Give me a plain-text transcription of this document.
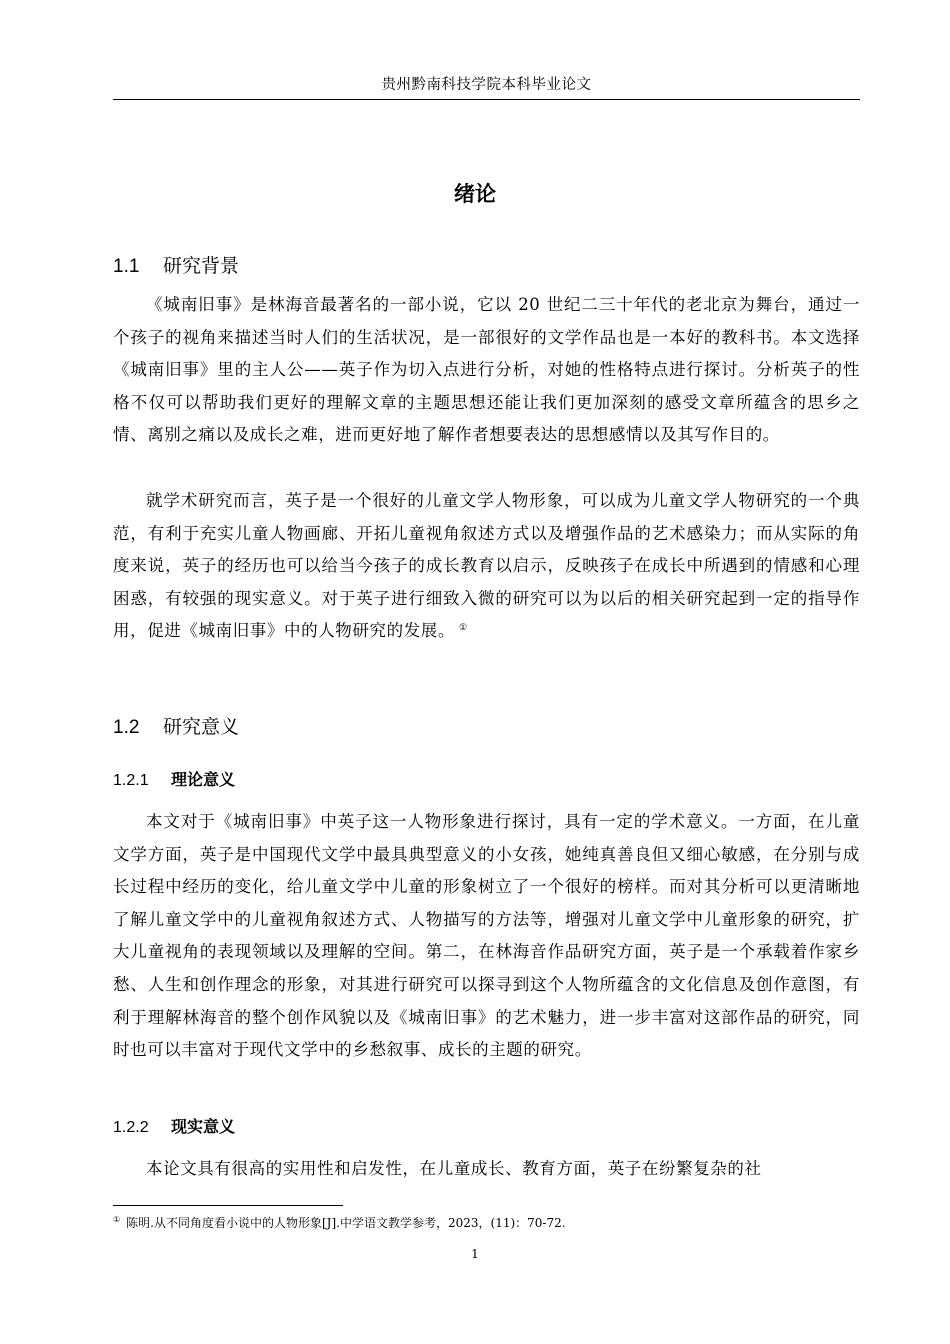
贵州黔南科技学院本科毕业论文
绪论
1.1 研究背景

《城南旧事》是林海音最著名的一部小说，它以 20 世纪二三十年代的老北京为舞台，通过一个孩子的视角来描述当时人们的生活状况，是一部很好的文学作品也是一本好的教科书。本文选择《城南旧事》里的主人公——英子作为切入点进行分析，对她的性格特点进行探讨。分析英子的性格不仅可以帮助我们更好的理解文章的主题思想还能让我们更加深刻的感受文章所蕴含的思乡之情、离别之痛以及成长之难，进而更好地了解作者想要表达的思想感情以及其写作目的。

就学术研究而言，英子是一个很好的儿童文学人物形象，可以成为儿童文学人物研究的一个典范，有利于充实儿童人物画廊、开拓儿童视角叙述方式以及增强作品的艺术感染力；而从实际的角度来说，英子的经历也可以给当今孩子的成长教育以启示，反映孩子在成长中所遇到的情感和心理困惑，有较强的现实意义。对于英子进行细致入微的研究可以为以后的相关研究起到一定的指导作用，促进《城南旧事》中的人物研究的发展。 ①

1.2 研究意义
1.2.1 理论意义

本文对于《城南旧事》中英子这一人物形象进行探讨，具有一定的学术意义。一方面，在儿童文学方面，英子是中国现代文学中最具典型意义的小女孩，她纯真善良但又细心敏感，在分别与成长过程中经历的变化，给儿童文学中儿童的形象树立了一个很好的榜样。而对其分析可以更清晰地了解儿童文学中的儿童视角叙述方式、人物描写的方法等，增强对儿童文学中儿童形象的研究，扩大儿童视角的表现领域以及理解的空间。第二，在林海音作品研究方面，英子是一个承载着作家乡愁、人生和创作理念的形象，对其进行研究可以探寻到这个人物所蕴含的文化信息及创作意图，有利于理解林海音的整个创作风貌以及《城南旧事》的艺术魅力，进一步丰富对这部作品的研究，同时也可以丰富对于现代文学中的乡愁叙事、成长的主题的研究。

1.2.2 现实意义

本论文具有很高的实用性和启发性，在儿童成长、教育方面，英子在纷繁复杂的社

① 陈明.从不同角度看小说中的人物形象[J].中学语文教学参考，2023，(11)：70-72.
1
